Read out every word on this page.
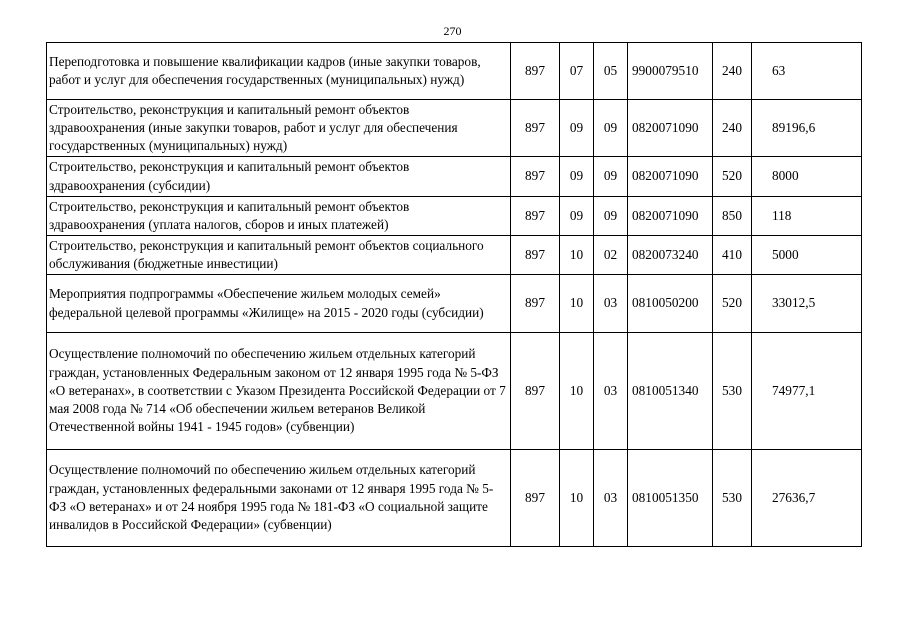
270
Переподготовка и повышение квалификации кадров (иные закупки товаров, работ и услуг для обеспечения государственных (муниципальных) нужд)	897	07	05	9900079510	240	63
Строительство, реконструкция и капитальный ремонт объектов здравоохранения (иные закупки товаров, работ и услуг для обеспечения государственных (муниципальных) нужд)	897	09	09	0820071090	240	89196,6
Строительство, реконструкция и капитальный ремонт объектов здравоохранения (субсидии)	897	09	09	0820071090	520	8000
Строительство, реконструкция и капитальный ремонт объектов здравоохранения (уплата налогов, сборов и иных платежей)	897	09	09	0820071090	850	118
Строительство, реконструкция и капитальный ремонт объектов социального обслуживания (бюджетные инвестиции)	897	10	02	0820073240	410	5000
Мероприятия подпрограммы «Обеспечение жильем молодых семей» федеральной целевой программы «Жилище» на 2015 - 2020 годы (субсидии)	897	10	03	0810050200	520	33012,5
Осуществление полномочий по обеспечению жильем отдельных категорий граждан, установленных Федеральным законом от 12 января 1995 года № 5-ФЗ «О ветеранах», в соответствии с Указом Президента Российской Федерации от 7 мая 2008 года № 714 «Об обеспечении жильем ветеранов Великой Отечественной войны 1941 - 1945 годов» (субвенции)	897	10	03	0810051340	530	74977,1
Осуществление полномочий по обеспечению жильем отдельных категорий граждан, установленных федеральными законами от 12 января 1995 года № 5-ФЗ «О ветеранах» и от 24 ноября 1995 года № 181-ФЗ «О социальной защите инвалидов в Российской Федерации» (субвенции)	897	10	03	0810051350	530	27636,7
